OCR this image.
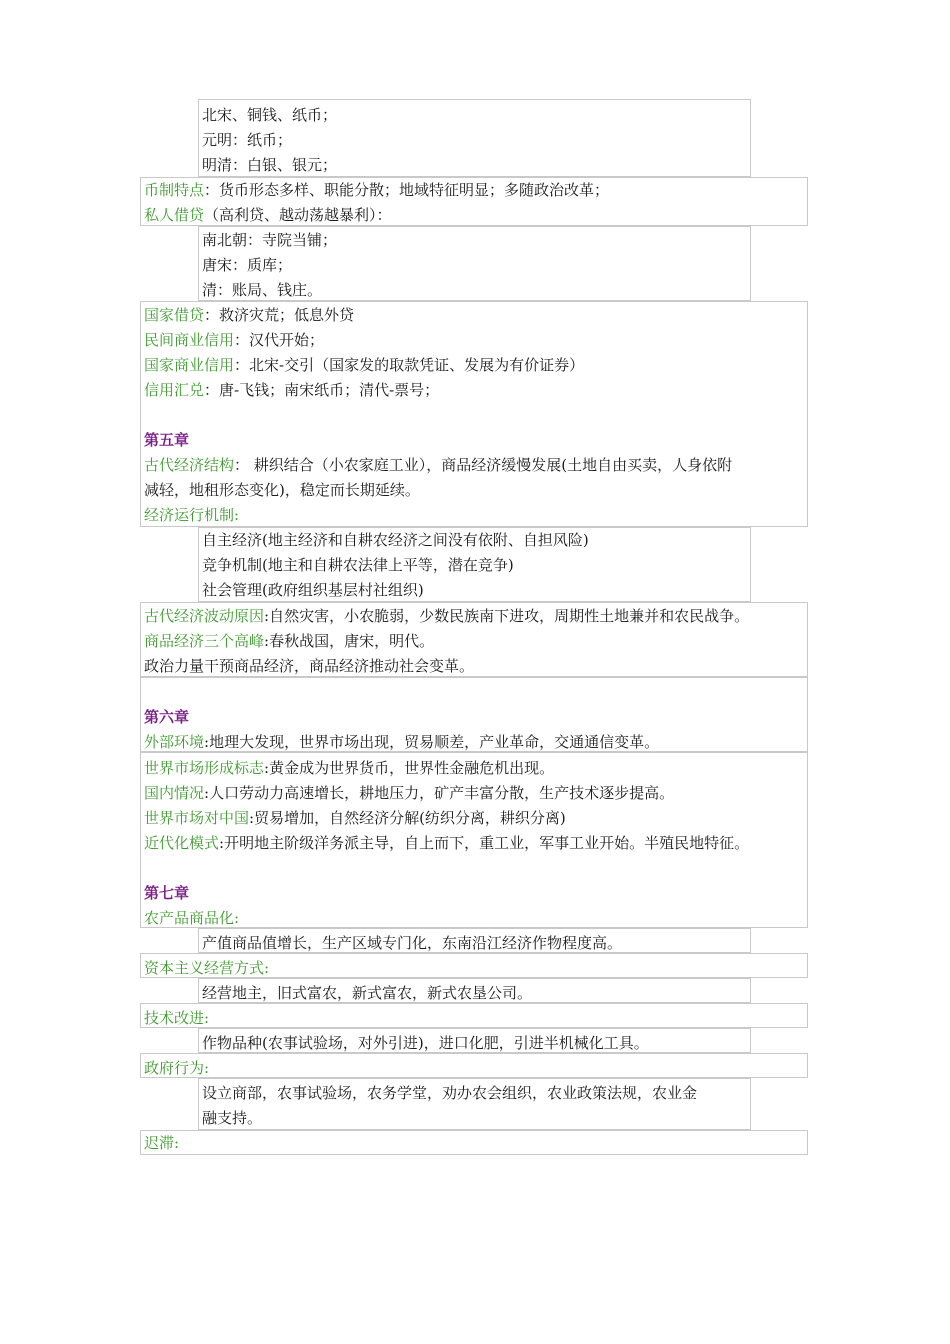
北宋、铜钱、纸币；
元明：纸币；
明清：白银、银元；
币制特点：货币形态多样、职能分散；地域特征明显；多随政治改革；
私人借贷（高利贷、越动荡越暴利）：
南北朝：寺院当铺；
唐宋：质库；
清：账局、钱庄。
国家借贷：救济灾荒；低息外贷
民间商业信用：汉代开始；
国家商业信用：北宋-交引（国家发的取款凭证、发展为有价证券）
信用汇兑：唐-飞钱；南宋纸币；清代-票号；
第五章
古代经济结构： 耕织结合（小农家庭工业），商品经济缓慢发展(土地自由买卖，人身依附
减轻，地租形态变化)，稳定而长期延续。
经济运行机制:
自主经济(地主经济和自耕农经济之间没有依附、自担风险)
竞争机制(地主和自耕农法律上平等，潜在竞争)
社会管理(政府组织基层村社组织)
古代经济波动原因:自然灾害，小农脆弱，少数民族南下进攻，周期性土地兼并和农民战争。
商品经济三个高峰:春秋战国，唐宋，明代。
政治力量干预商品经济，商品经济推动社会变革。
第六章
外部环境:地理大发现，世界市场出现，贸易顺差，产业革命，交通通信变革。
世界市场形成标志:黄金成为世界货币，世界性金融危机出现。
国内情况:人口劳动力高速增长，耕地压力，矿产丰富分散，生产技术逐步提高。
世界市场对中国:贸易增加，自然经济分解(纺织分离，耕织分离)
近代化模式:开明地主阶级洋务派主导，自上而下，重工业，军事工业开始。半殖民地特征。
第七章
农产品商品化:
产值商品值增长，生产区域专门化，东南沿江经济作物程度高。
资本主义经营方式:
经营地主，旧式富农，新式富农，新式农垦公司。
技术改进:
作物品种(农事试验场，对外引进)，进口化肥，引进半机械化工具。
政府行为:
设立商部，农事试验场，农务学堂，劝办农会组织，农业政策法规，农业金
融支持。
迟滞:
